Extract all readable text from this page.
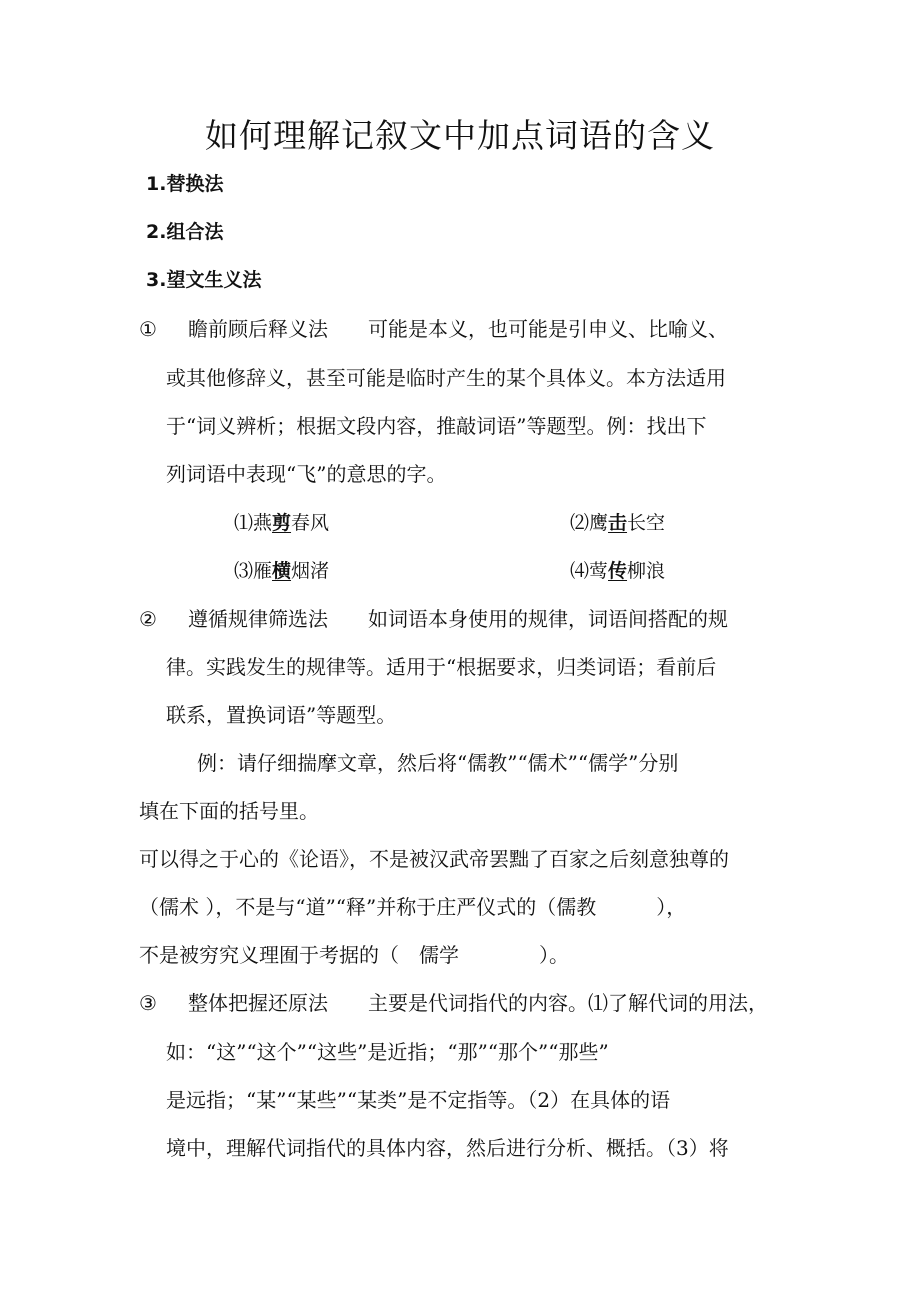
如何理解记叙文中加点词语的含义
1.替换法
2.组合法
3.望文生义法
① 瞻前顾后释义法　　可能是本义，也可能是引申义、比喻义、
或其他修辞义，甚至可能是临时产生的某个具体义。本方法适用
于“词义辨析；根据文段内容，推敲词语”等题型。例：找出下
列词语中表现“飞”的意思的字。
⑴燕剪春风	⑵鹰击长空
⑶雁横烟渚	⑷莺传柳浪
② 遵循规律筛选法　　如词语本身使用的规律，词语间搭配的规
律。实践发生的规律等。适用于“根据要求，归类词语；看前后
联系，置换词语”等题型。
例：请仔细揣摩文章，然后将“儒教”“儒术”“儒学”分别
填在下面的括号里。
可以得之于心的《论语》，不是被汉武帝罢黜了百家之后刻意独尊的
（儒术 ），不是与“道”“释”并称于庄严仪式的（儒教　　　），
不是被穷究义理囿于考据的（　儒学　　　　）。
③ 整体把握还原法　　主要是代词指代的内容。⑴了解代词的用法，
如：“这”“这个”“这些”是近指；“那”“那个”“那些”
是远指；“某”“某些”“某类”是不定指等。（2）在具体的语
境中，理解代词指代的具体内容，然后进行分析、概括。（3）将
